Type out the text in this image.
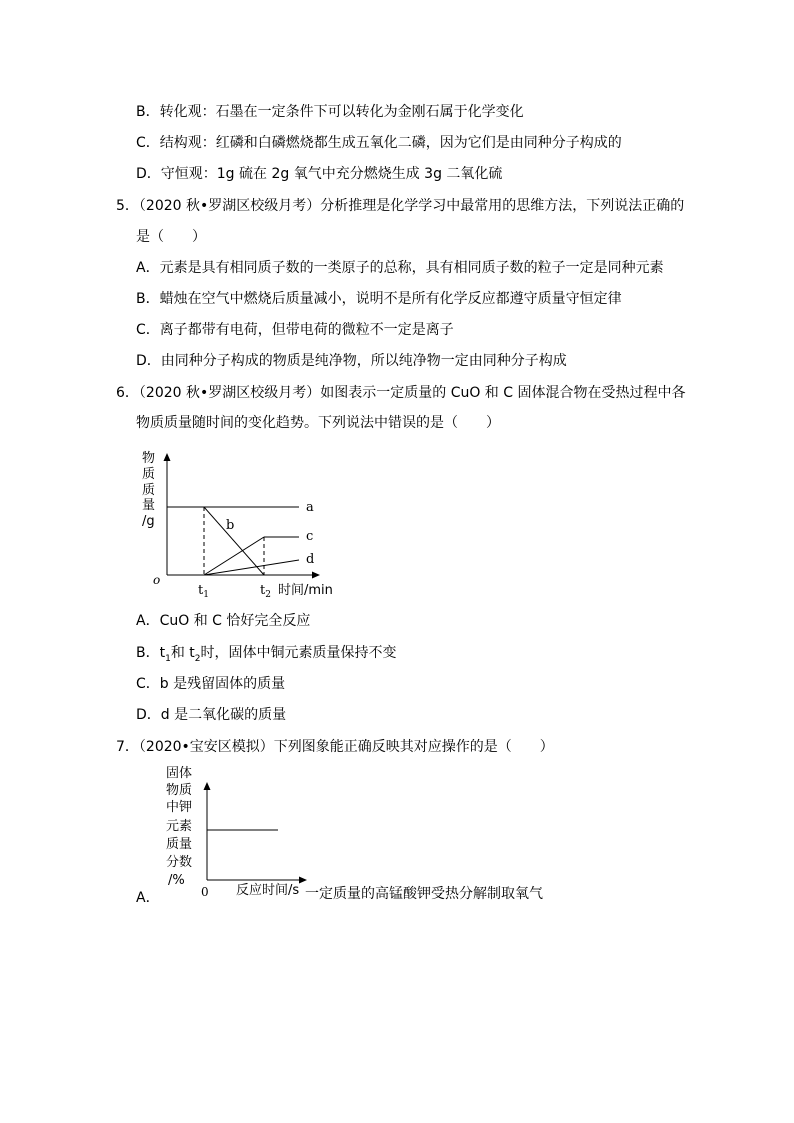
B．转化观：石墨在一定条件下可以转化为金刚石属于化学变化
C．结构观：红磷和白磷燃烧都生成五氧化二磷，因为它们是由同种分子构成的
D．守恒观：1g 硫在 2g 氧气中充分燃烧生成 3g 二氧化硫
5．（2020 秋•罗湖区校级月考）分析推理是化学学习中最常用的思维方法，下列说法正确的
是（　　）
A．元素是具有相同质子数的一类原子的总称，具有相同质子数的粒子一定是同种元素
B．蜡烛在空气中燃烧后质量减小，说明不是所有化学反应都遵守质量守恒定律
C．离子都带有电荷，但带电荷的微粒不一定是离子
D．由同种分子构成的物质是纯净物，所以纯净物一定由同种分子构成
6．（2020 秋•罗湖区校级月考）如图表示一定质量的 CuO 和 C 固体混合物在受热过程中各
物质质量随时间的变化趋势。下列说法中错误的是（　　）
物
质
质
量
/g
o
a
b
c
d
$t_1$	$t_2$ 时间/min
A．CuO 和 C 恰好完全反应
B．$t_1$和 $t_2$时，固体中铜元素质量保持不变
C．b 是残留固体的质量
D．d 是二氧化碳的质量
7．（2020•宝安区模拟）下列图象能正确反映其对应操作的是（　　）
固体
物质
中钾
元素
质量
分数
/%
0
A．	反应时间/s 一定质量的高锰酸钾受热分解制取氧气
